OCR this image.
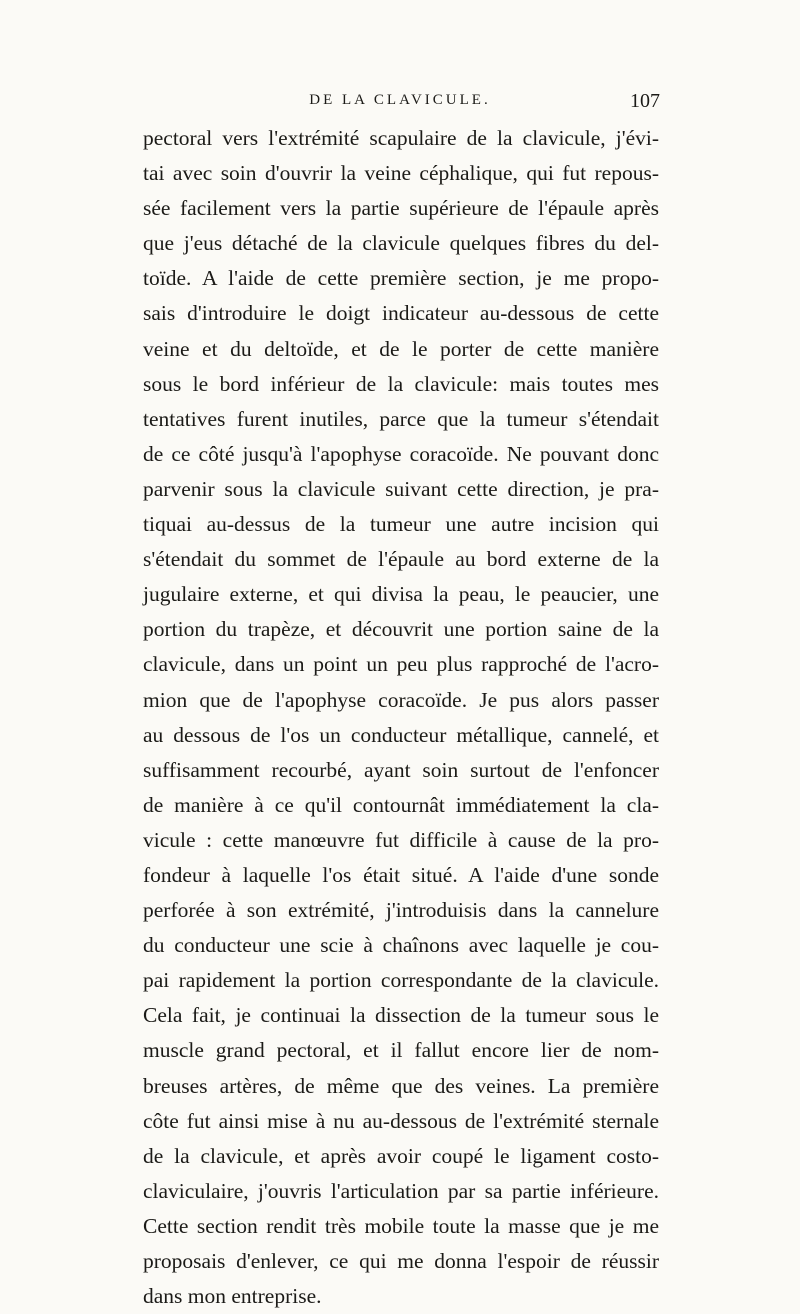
DE LA CLAVICULE.	107
pectoral vers l'extrémité scapulaire de la clavicule, j'évi-
tai avec soin d'ouvrir la veine céphalique, qui fut repous-
sée facilement vers la partie supérieure de l'épaule après
que j'eus détaché de la clavicule quelques fibres du del-
toïde. A l'aide de cette première section, je me propo-
sais d'introduire le doigt indicateur au-dessous de cette
veine et du deltoïde, et de le porter de cette manière
sous le bord inférieur de la clavicule: mais toutes mes
tentatives furent inutiles, parce que la tumeur s'étendait
de ce côté jusqu'à l'apophyse coracoïde. Ne pouvant donc
parvenir sous la clavicule suivant cette direction, je pra-
tiquai au-dessus de la tumeur une autre incision qui
s'étendait du sommet de l'épaule au bord externe de la
jugulaire externe, et qui divisa la peau, le peaucier, une
portion du trapèze, et découvrit une portion saine de la
clavicule, dans un point un peu plus rapproché de l'acro-
mion que de l'apophyse coracoïde. Je pus alors passer
au dessous de l'os un conducteur métallique, cannelé, et
suffisamment recourbé, ayant soin surtout de l'enfoncer
de manière à ce qu'il contournât immédiatement la cla-
vicule : cette manœuvre fut difficile à cause de la pro-
fondeur à laquelle l'os était situé. A l'aide d'une sonde
perforée à son extrémité, j'introduisis dans la cannelure
du conducteur une scie à chaînons avec laquelle je cou-
pai rapidement la portion correspondante de la clavicule.
Cela fait, je continuai la dissection de la tumeur sous le
muscle grand pectoral, et il fallut encore lier de nom-
breuses artères, de même que des veines. La première
côte fut ainsi mise à nu au-dessous de l'extrémité sternale
de la clavicule, et après avoir coupé le ligament costo-
claviculaire, j'ouvris l'articulation par sa partie inférieure.
Cette section rendit très mobile toute la masse que je me
proposais d'enlever, ce qui me donna l'espoir de réussir
dans mon entreprise.
